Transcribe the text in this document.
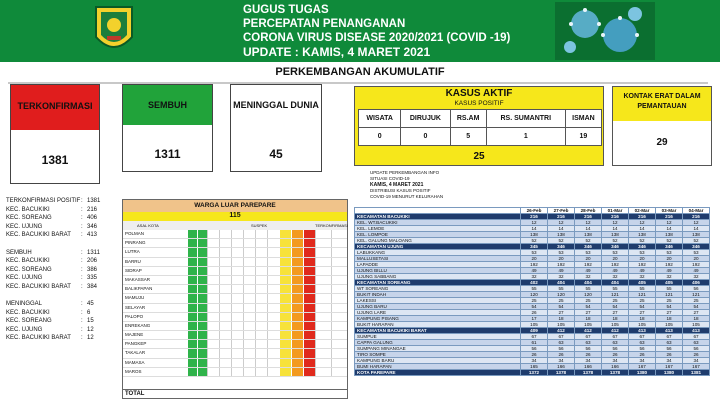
GUGUS TUGAS
PERCEPATAN PENANGANAN
CORONA VIRUS DISEASE 2020/2021 (COVID -19)
UPDATE : KAMIS, 4 MARET 2021
PERKEMBANGAN AKUMULATIF
TERKONFIRMASI
1381
SEMBUH
1311
MENINGGAL DUNIA
45
KASUS AKTIF
KASUS POSITIF
WISATA	DIRUJUK	RS.AM	RS. SUMANTRI	ISMAN
0	0	5	1	19
25
KONTAK ERAT DALAM PEMANTAUAN
29
TERKONFIRMASI POSITIF : 1381
KEC. BACUKIKI	: 216
KEC. SOREANG	: 406
KEC. UJUNG	: 346
KEC. BACUKIKI BARAT	: 413
SEMBUH	: 1311
KEC. BACUKIKI	: 206
KEC. SOREANG	: 386
KEC. UJUNG	: 335
KEC. BACUKIKI BARAT	: 384
MENINGGAL	: 45
KEC. BACUKIKI	: 6
KEC. SOREANG	: 15
KEC. UJUNG	: 12
KEC. BACUKIKI BARAT	: 12
WARGA LUAR PAREPARE
115
ASAL KOTA	SUSPEK	TERKONFIRMASI
POLMAN
PINRANG
LUTRA
BARRU
SIDRAP
MAKASSAR
BALIKPAPAN
MAMUJU
SELAYAR
PALOPO
ENREKANG
MAJENE
PANGKEP
TAKALAR
MAMASA
MAROS
TOTAL
UPDATE PERKEMBANGAN INFO
SITUASI COVID-19
KAMIS, 4 MARET 2021
DISTRIBUSI KASUS POSITIF
COVID-19 MENURUT KELURAHAN
	26-Feb	27-Feb	28-Feb	01-Mar	02-Mar	03-Mar	04-Mar
KECAMATAN BACUKIKI	216	216	216	216	216	216	216
KEL. WT.BACUKIKI	12	12	12	12	12	12	12
KEL. LEMOE	14	14	14	14	14	14	14
KEL. LOMPOE	138	138	138	138	138	138	138
KEL. GALUNG MALOANG	52	52	52	52	52	52	52
KECAMATAN UJUNG	345	346	346	346	346	346	346
LABUKKANG	53	53	53	53	53	53	53
MALLUSETASI	20	20	20	20	20	20	20
LAPADDE	192	192	192	192	192	192	192
UJUNG BILLU	49	49	49	49	49	49	49
UJUNG SABBANG	32	32	32	32	32	32	32
KECAMATAN SOREANG	402	404	404	404	405	405	406
WT SOREANG	55	55	55	55	55	55	56
BUKIT INDAH	120	120	120	121	121	121	121
LAKESSI	25	25	25	25	25	25	25
UJUNG BARU	54	54	54	54	54	54	54
UJUNG LARE	26	27	27	27	27	27	27
KAMPUNG PISANG	17	18	18	18	18	18	18
BUKIT HARAPAN	105	105	105	105	105	105	105
KECAMATAN BACUKIKI BARAT	409	412	412	412	413	413	413
SUMPUE	67	67	67	67	67	67	67
CAPPA GALUNG	61	63	63	63	63	63	63
SUMPANG MINANGAE	56	56	56	56	56	56	56
TIRO SOMPE	26	26	26	26	26	26	26
KAMPUNG BARU	34	34	34	34	34	34	34
BUMI HARAPAN	165	166	166	166	167	167	167
KOTA PAREPARE	1372	1378	1378	1378	1380	1380	1381
